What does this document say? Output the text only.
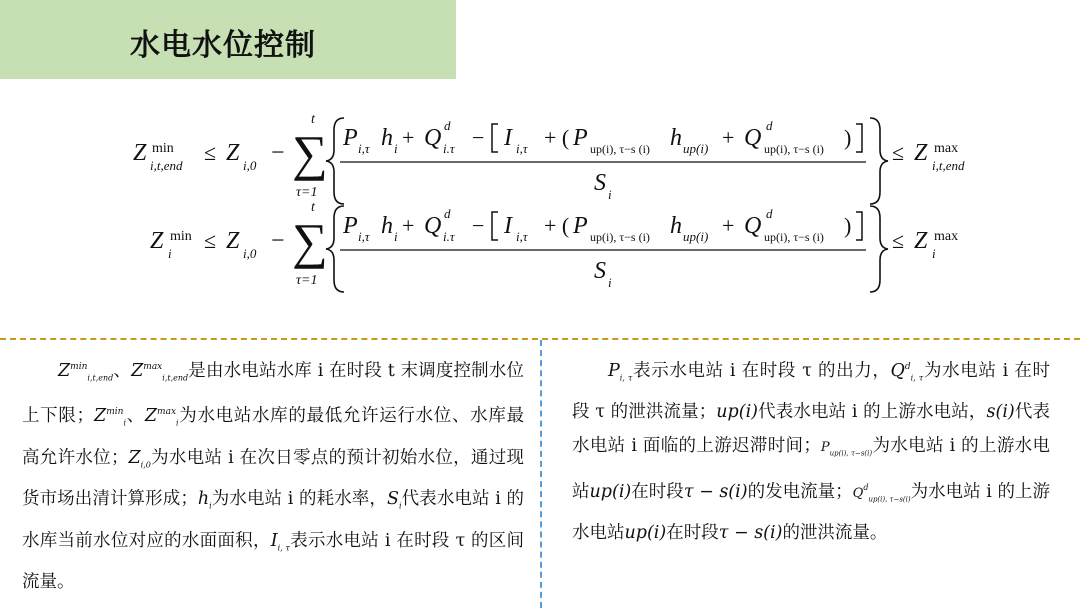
水电水位控制
Z min
i,t,end
≤ Z i,0 − ∑
t
τ=1
P i,τ h i + Q d
i.τ − I i,τ + ( P up(i), τ−s (i) h up(i) + Q d
up(i), τ−s (i) )
S i
≤ Z max
i,t,end
Z min
i
≤ Z i,0 − ∑
t
τ=1
P i,τ h i + Q d
i.τ − I i,τ + ( P up(i), τ−s (i) h up(i) + Q d
up(i), τ−s (i) )
S i
≤ Z max
i
$Z^{min}_{i,t,end}$、$Z^{max}_{i,t,end}$是由水电站水库 i 在时段 t 末调度控制水位上下限；$Z^{min}_i$、$Z^{max}_i$为水电站水库的最低允许运行水位、水库最高允许水位；$Z_{i,0}$为水电站 i 在次日零点的预计初始水位，通过现货市场出清计算形成；$h_i$为水电站 i 的耗水率，$S_i$代表水电站 i 的水库当前水位对应的水面面积，$I_{i, \tau}$表示水电站 i 在时段 τ 的区间流量。
$P_{i, \tau}$表示水电站 i 在时段 τ 的出力，$Q^d_{i, \tau}$为水电站 i 在时段 τ 的泄洪流量；up(i)代表水电站 i 的上游水电站，s(i)代表水电站 i 面临的上游迟滞时间；$P_{up(i), \tau-s(i)}$为水电站 i 的上游水电站up(i)在时段τ − s(i)的发电流量；$Q^d_{up(i), \tau-s(i)}$为水电站 i 的上游水电站up(i)在时段τ − s(i)的泄洪流量。
